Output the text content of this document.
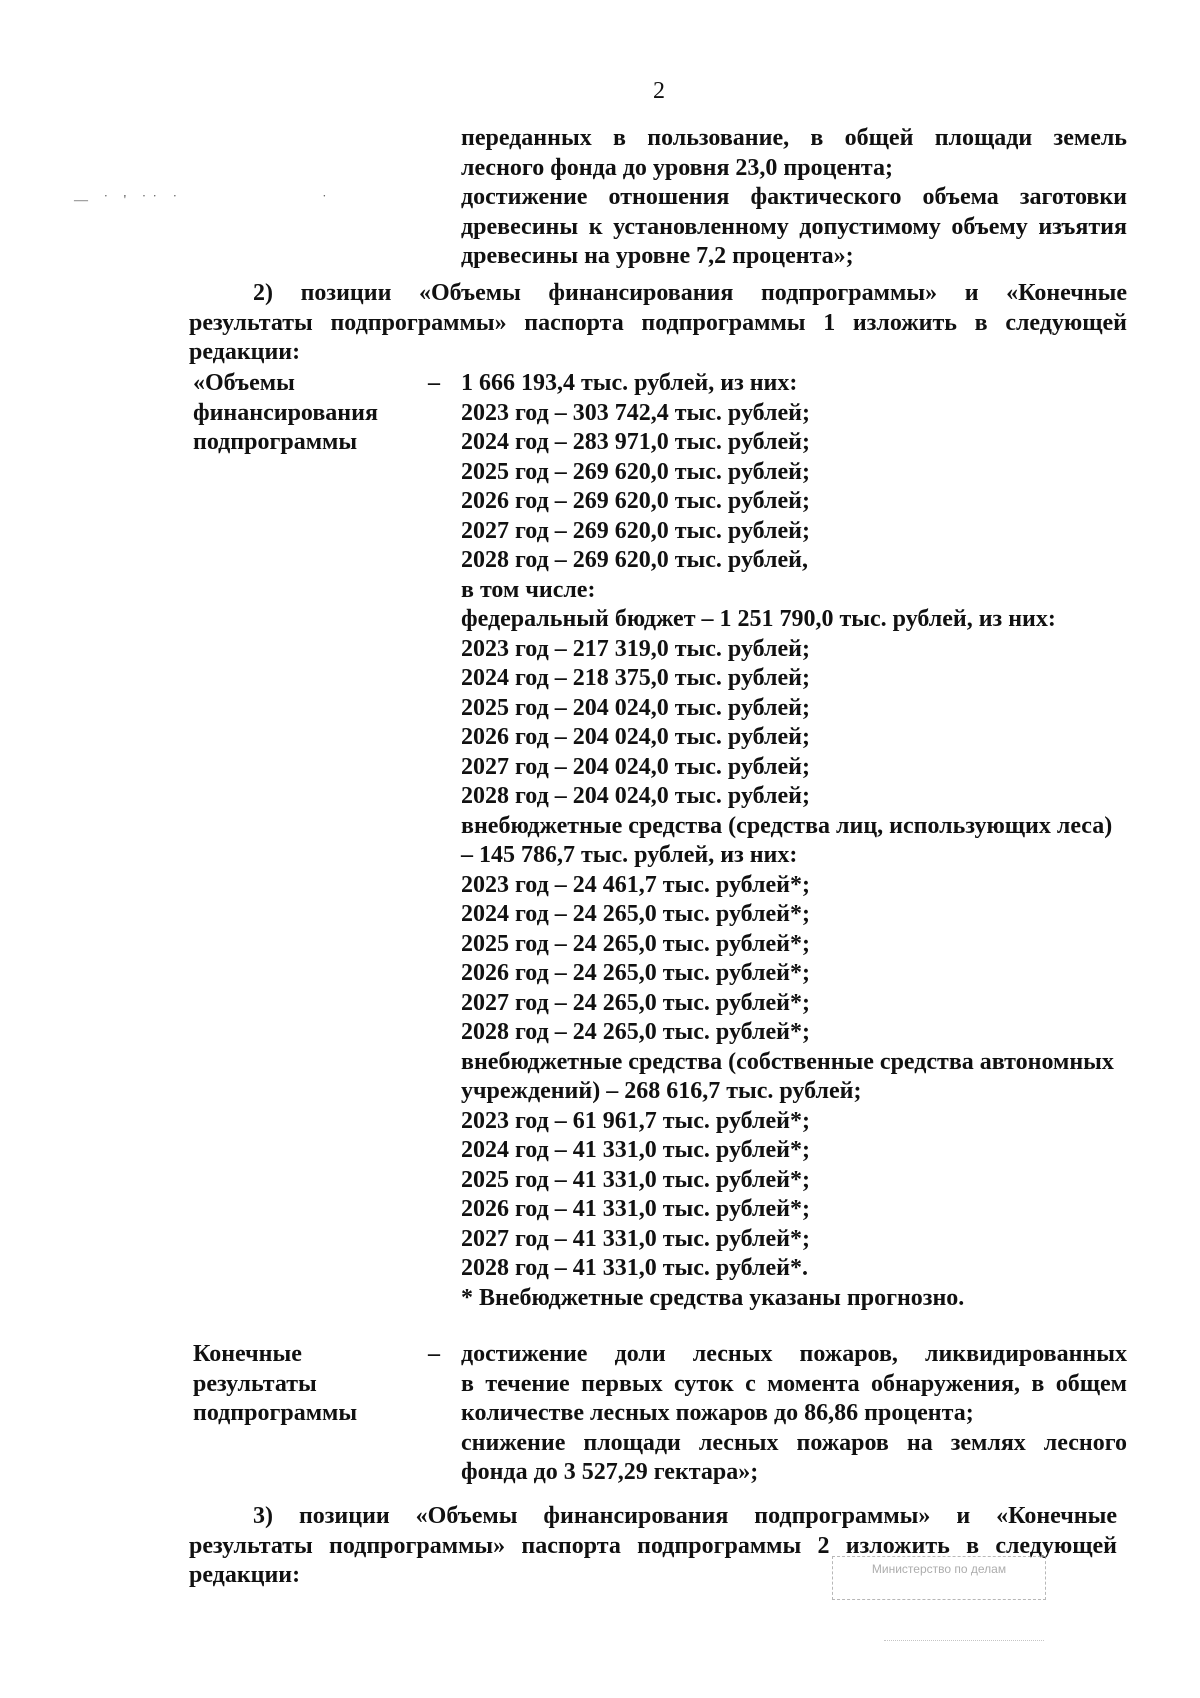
2
— ˙ ' ˙˙ ˙	˙
переданных в пользование, в общей площади земель
лесного фонда до уровня 23,0 процента;
достижение отношения фактического объема заготовки
древесины к установленному допустимому объему изъятия
древесины на уровне 7,2 процента»;
2) позиции «Объемы финансирования подпрограммы» и «Конечные
результаты подпрограммы» паспорта подпрограммы 1 изложить в следующей
редакции:
«Объемы
финансирования
подпрограммы
– 1 666 193,4 тыс. рублей, из них:
2023 год – 303 742,4 тыс. рублей;
2024 год – 283 971,0 тыс. рублей;
2025 год – 269 620,0 тыс. рублей;
2026 год – 269 620,0 тыс. рублей;
2027 год – 269 620,0 тыс. рублей;
2028 год – 269 620,0 тыс. рублей,
в том числе:
федеральный бюджет – 1 251 790,0 тыс. рублей, из них:
2023 год – 217 319,0 тыс. рублей;
2024 год – 218 375,0 тыс. рублей;
2025 год – 204 024,0 тыс. рублей;
2026 год – 204 024,0 тыс. рублей;
2027 год – 204 024,0 тыс. рублей;
2028 год – 204 024,0 тыс. рублей;
внебюджетные средства (средства лиц, использующих леса)
– 145 786,7 тыс. рублей, из них:
2023 год – 24 461,7 тыс. рублей*;
2024 год – 24 265,0 тыс. рублей*;
2025 год – 24 265,0 тыс. рублей*;
2026 год – 24 265,0 тыс. рублей*;
2027 год – 24 265,0 тыс. рублей*;
2028 год – 24 265,0 тыс. рублей*;
внебюджетные средства (собственные средства автономных
учреждений) – 268 616,7 тыс. рублей;
2023 год – 61 961,7 тыс. рублей*;
2024 год – 41 331,0 тыс. рублей*;
2025 год – 41 331,0 тыс. рублей*;
2026 год – 41 331,0 тыс. рублей*;
2027 год – 41 331,0 тыс. рублей*;
2028 год – 41 331,0 тыс. рублей*.
* Внебюджетные средства указаны прогнозно.
Конечные
результаты
подпрограммы
– достижение доли лесных пожаров, ликвидированных
в течение первых суток с момента обнаружения, в общем
количестве лесных пожаров до 86,86 процента;
снижение площади лесных пожаров на землях лесного
фонда до 3 527,29 гектара»;
3) позиции «Объемы финансирования подпрограммы» и «Конечные
результаты подпрограммы» паспорта подпрограммы 2 изложить в следующей
редакции:	Министерство по делам
